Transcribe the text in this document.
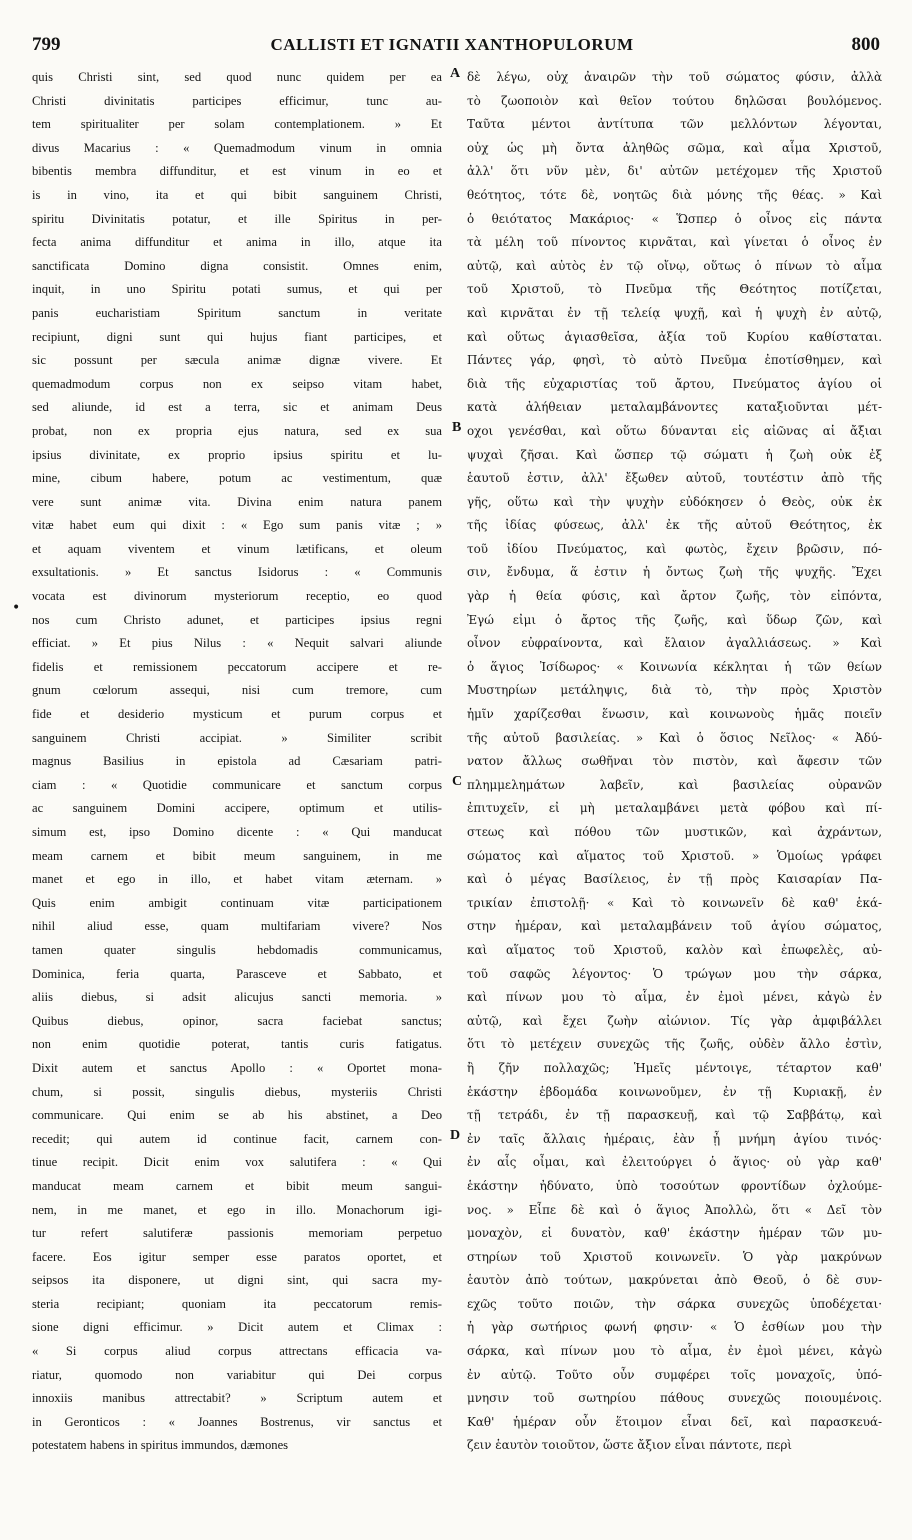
799	CALLISTI ET IGNATII XANTHOPULORUM	800
•
quis Christi sint, sed quod nunc quidem per ea
Christi divinitatis participes efficimur, tunc au-
tem spiritualiter per solam contemplationem. » Et
divus Macarius : « Quemadmodum vinum in omnia
bibentis membra diffunditur, et est vinum in eo et
is in vino, ita et qui bibit sanguinem Christi,
spiritu Divinitatis potatur, et ille Spiritus in per-
fecta anima diffunditur et anima in illo, atque ita
sanctificata Domino digna consistit. Omnes enim,
inquit, in uno Spiritu potati sumus, et qui per
panis eucharistiam Spiritum sanctum in veritate
recipiunt, digni sunt qui hujus fiant participes, et
sic possunt per sæcula animæ dignæ vivere. Et
quemadmodum corpus non ex seipso vitam habet,
sed aliunde, id est a terra, sic et animam Deus
probat, non ex propria ejus natura, sed ex sua
ipsius divinitate, ex proprio ipsius spiritu et lu-
mine, cibum habere, potum ac vestimentum, quæ
vere sunt animæ vita. Divina enim natura panem
vitæ habet eum qui dixit : « Ego sum panis vitæ ; »
et aquam viventem et vinum lætificans, et oleum
exsultationis. » Et sanctus Isidorus : « Communis
vocata est divinorum mysteriorum receptio, eo quod
nos cum Christo adunet, et participes ipsius regni
efficiat. » Et pius Nilus : « Nequit salvari aliunde
fidelis et remissionem peccatorum accipere et re-
gnum cœlorum assequi, nisi cum tremore, cum
fide et desiderio mysticum et purum corpus et
sanguinem Christi accipiat. » Similiter scribit
magnus Basilius in epistola ad Cæsariam patri-
ciam : « Quotidie communicare et sanctum corpus
ac sanguinem Domini accipere, optimum et utilis-
simum est, ipso Domino dicente : « Qui manducat
meam carnem et bibit meum sanguinem, in me
manet et ego in illo, et habet vitam æternam. »
Quis enim ambigit continuam vitæ participationem
nihil aliud esse, quam multifariam vivere? Nos
tamen quater singulis hebdomadis communicamus,
Dominica, feria quarta, Parasceve et Sabbato, et
aliis diebus, si adsit alicujus sancti memoria. »
Quibus diebus, opinor, sacra faciebat sanctus;
non enim quotidie poterat, tantis curis fatigatus.
Dixit autem et sanctus Apollo : « Oportet mona-
chum, si possit, singulis diebus, mysteriis Christi
communicare. Qui enim se ab his abstinet, a Deo
recedit; qui autem id continue facit, carnem con-
tinue recipit. Dicit enim vox salutifera : « Qui
manducat meam carnem et bibit meum sangui-
nem, in me manet, et ego in illo. Monachorum igi-
tur refert salutiferæ passionis memoriam perpetuo
facere. Eos igitur semper esse paratos oportet, et
seipsos ita disponere, ut digni sint, qui sacra my-
steria recipiant; quoniam ita peccatorum remis-
sione digni efficimur. » Dicit autem et Climax :
« Si corpus aliud corpus attrectans efficacia va-
riatur, quomodo non variabitur qui Dei corpus
innoxiis manibus attrectabit? » Scriptum autem et
in Geronticos : « Joannes Bostrenus, vir sanctus et
potestatem habens in spiritus immundos, dæmones
δὲ λέγω, οὐχ ἀναιρῶν τὴν τοῦ σώματος φύσιν, ἀλλὰ
τὸ ζωοποιὸν καὶ θεῖον τούτου δηλῶσαι βουλόμενος.
Ταῦτα μέντοι ἀντίτυπα τῶν μελλόντων λέγονται,
οὐχ ὡς μὴ ὄντα ἀληθῶς σῶμα, καὶ αἷμα Χριστοῦ,
ἀλλ' ὅτι νῦν μὲν, δι' αὐτῶν μετέχομεν τῆς Χριστοῦ
θεότητος, τότε δὲ, νοητῶς διὰ μόνης τῆς θέας. » Καὶ
ὁ θειότατος Μακάριος· « Ὥσπερ ὁ οἶνος εἰς πάντα
τὰ μέλη τοῦ πίνοντος κιρνᾶται, καὶ γίνεται ὁ οἶνος ἐν
αὐτῷ, καὶ αὐτὸς ἐν τῷ οἴνῳ, οὕτως ὁ πίνων τὸ αἷμα
τοῦ Χριστοῦ, τὸ Πνεῦμα τῆς Θεότητος ποτίζεται,
καὶ κιρνᾶται ἐν τῇ τελείᾳ ψυχῇ, καὶ ἡ ψυχὴ ἐν αὐτῷ,
καὶ οὕτως ἁγιασθεῖσα, ἀξία τοῦ Κυρίου καθίσταται.
Πάντες γάρ, φησὶ, τὸ αὐτὸ Πνεῦμα ἐποτίσθημεν, καὶ
διὰ τῆς εὐχαριστίας τοῦ ἄρτου, Πνεύματος ἁγίου οἱ
κατὰ ἀλήθειαν μεταλαμβάνοντες καταξιοῦνται μέτ-
οχοι γενέσθαι, καὶ οὕτω δύνανται εἰς αἰῶνας αἱ ἄξιαι
ψυχαὶ ζῆσαι. Καὶ ὥσπερ τῷ σώματι ἡ ζωὴ οὐκ ἐξ
ἑαυτοῦ ἐστιν, ἀλλ' ἔξωθεν αὐτοῦ, τουτέστιν ἀπὸ τῆς
γῆς, οὕτω καὶ τὴν ψυχὴν εὐδόκησεν ὁ Θεὸς, οὐκ ἐκ
τῆς ἰδίας φύσεως, ἀλλ' ἐκ τῆς αὐτοῦ Θεότητος, ἐκ
τοῦ ἰδίου Πνεύματος, καὶ φωτὸς, ἔχειν βρῶσιν, πό-
σιν, ἔνδυμα, ἅ ἐστιν ἡ ὄντως ζωὴ τῆς ψυχῆς. Ἔχει
γὰρ ἡ θεία φύσις, καὶ ἄρτον ζωῆς, τὸν εἰπόντα,
Ἐγώ εἰμι ὁ ἄρτος τῆς ζωῆς, καὶ ὕδωρ ζῶν, καὶ
οἶνον εὐφραίνοντα, καὶ ἔλαιον ἀγαλλιάσεως. » Καὶ
ὁ ἅγιος Ἰσίδωρος· « Κοινωνία κέκληται ἡ τῶν θείων
Μυστηρίων μετάληψις, διὰ τὸ, τὴν πρὸς Χριστὸν
ἡμῖν χαρίζεσθαι ἕνωσιν, καὶ κοινωνοὺς ἡμᾶς ποιεῖν
τῆς αὐτοῦ βασιλείας. » Καὶ ὁ ὅσιος Νεῖλος· « Ἀδύ-
νατον ἄλλως σωθῆναι τὸν πιστὸν, καὶ ἄφεσιν τῶν
πλημμελημάτων λαβεῖν, καὶ βασιλείας οὐρανῶν
ἐπιτυχεῖν, εἰ μὴ μεταλαμβάνει μετὰ φόβου καὶ πί-
στεως καὶ πόθου τῶν μυστικῶν, καὶ ἀχράντων,
σώματος καὶ αἵματος τοῦ Χριστοῦ. » Ὁμοίως γράφει
καὶ ὁ μέγας Βασίλειος, ἐν τῇ πρὸς Καισαρίαν Πα-
τρικίαν ἐπιστολῇ· « Καὶ τὸ κοινωνεῖν δὲ καθ' ἑκά-
στην ἡμέραν, καὶ μεταλαμβάνειν τοῦ ἁγίου σώματος,
καὶ αἵματος τοῦ Χριστοῦ, καλὸν καὶ ἐπωφελὲς, αὐ-
τοῦ σαφῶς λέγοντος· Ὁ τρώγων μου τὴν σάρκα,
καὶ πίνων μου τὸ αἷμα, ἐν ἐμοὶ μένει, κἀγὼ ἐν
αὐτῷ, καὶ ἔχει ζωὴν αἰώνιον. Τίς γὰρ ἀμφιβάλλει
ὅτι τὸ μετέχειν συνεχῶς τῆς ζωῆς, οὐδὲν ἄλλο ἐστὶν,
ἢ ζῆν πολλαχῶς; Ἡμεῖς μέντοιγε, τέταρτον καθ'
ἑκάστην ἑβδομάδα κοινωνοῦμεν, ἐν τῇ Κυριακῇ, ἐν
τῇ τετράδι, ἐν τῇ παρασκευῇ, καὶ τῷ Σαββάτῳ, καὶ
ἐν ταῖς ἄλλαις ἡμέραις, ἐὰν ᾖ μνήμη ἁγίου τινός·
ἐν αἷς οἶμαι, καὶ ἐλειτούργει ὁ ἅγιος· οὐ γὰρ καθ'
ἑκάστην ἠδύνατο, ὑπὸ τοσούτων φροντίδων ὀχλούμε-
νος. » Εἶπε δὲ καὶ ὁ ἅγιος Ἀπολλὼ, ὅτι « Δεῖ τὸν
μοναχὸν, εἰ δυνατὸν, καθ' ἑκάστην ἡμέραν τῶν μυ-
στηρίων τοῦ Χριστοῦ κοινωνεῖν. Ὁ γὰρ μακρύνων
ἑαυτὸν ἀπὸ τούτων, μακρύνεται ἀπὸ Θεοῦ, ὁ δὲ συν-
εχῶς τοῦτο ποιῶν, τὴν σάρκα συνεχῶς ὑποδέχεται·
ἡ γὰρ σωτήριος φωνή φησιν· « Ὁ ἐσθίων μου τὴν
σάρκα, καὶ πίνων μου τὸ αἷμα, ἐν ἐμοὶ μένει, κἀγὼ
ἐν αὐτῷ. Τοῦτο οὖν συμφέρει τοῖς μοναχοῖς, ὑπό-
μνησιν τοῦ σωτηρίου πάθους συνεχῶς ποιουμένοις.
Καθ' ἡμέραν οὖν ἕτοιμον εἶναι δεῖ, καὶ παρασκευά-
ζειν ἑαυτὸν τοιοῦτον, ὥστε ἄξιον εἶναι πάντοτε, περὶ
A
B
C
D
